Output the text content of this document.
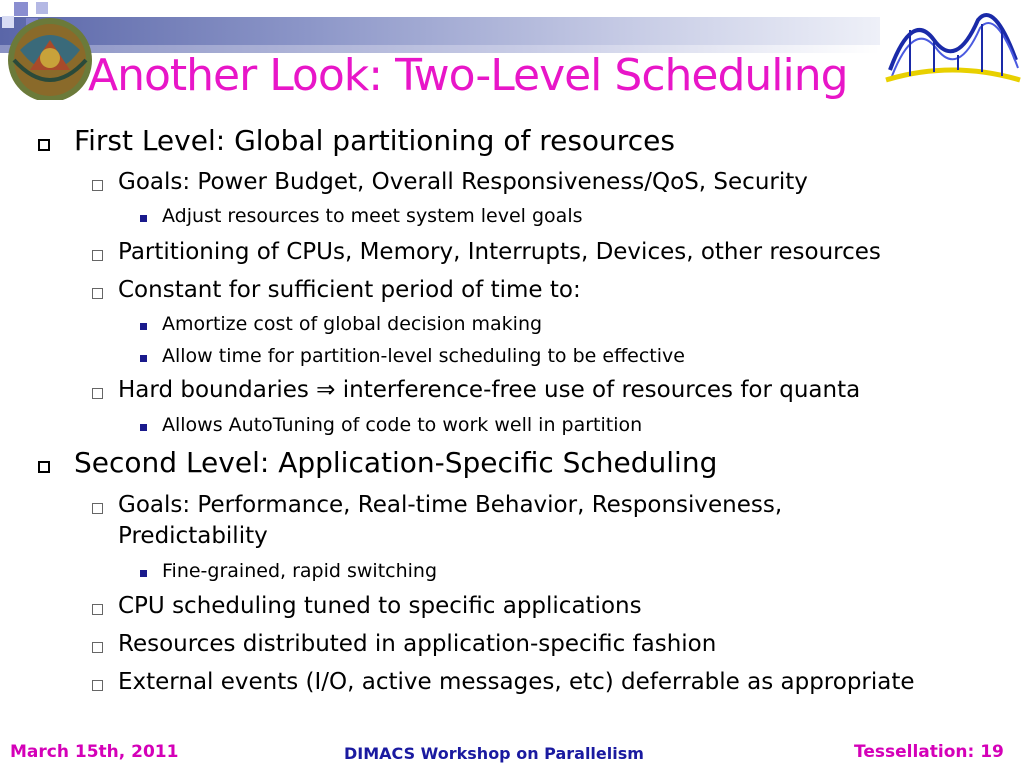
Another Look: Two-Level Scheduling
First Level: Global partitioning of resources
Goals: Power Budget, Overall Responsiveness/QoS, Security
Adjust resources to meet system level goals
Partitioning of CPUs, Memory, Interrupts, Devices, other resources
Constant for sufficient period of time to:
Amortize cost of global decision making
Allow time for partition-level scheduling to be effective
Hard boundaries ⇒ interference-free use of resources for quanta
Allows AutoTuning of code to work well in partition
Second Level: Application-Specific Scheduling
Goals: Performance, Real-time Behavior, Responsiveness,
Predictability
Fine-grained, rapid switching
CPU scheduling tuned to specific applications
Resources distributed in application-specific fashion
External events (I/O, active messages, etc) deferrable as appropriate
March 15th, 2011	DIMACS Workshop on Parallelism	Tessellation: 19
